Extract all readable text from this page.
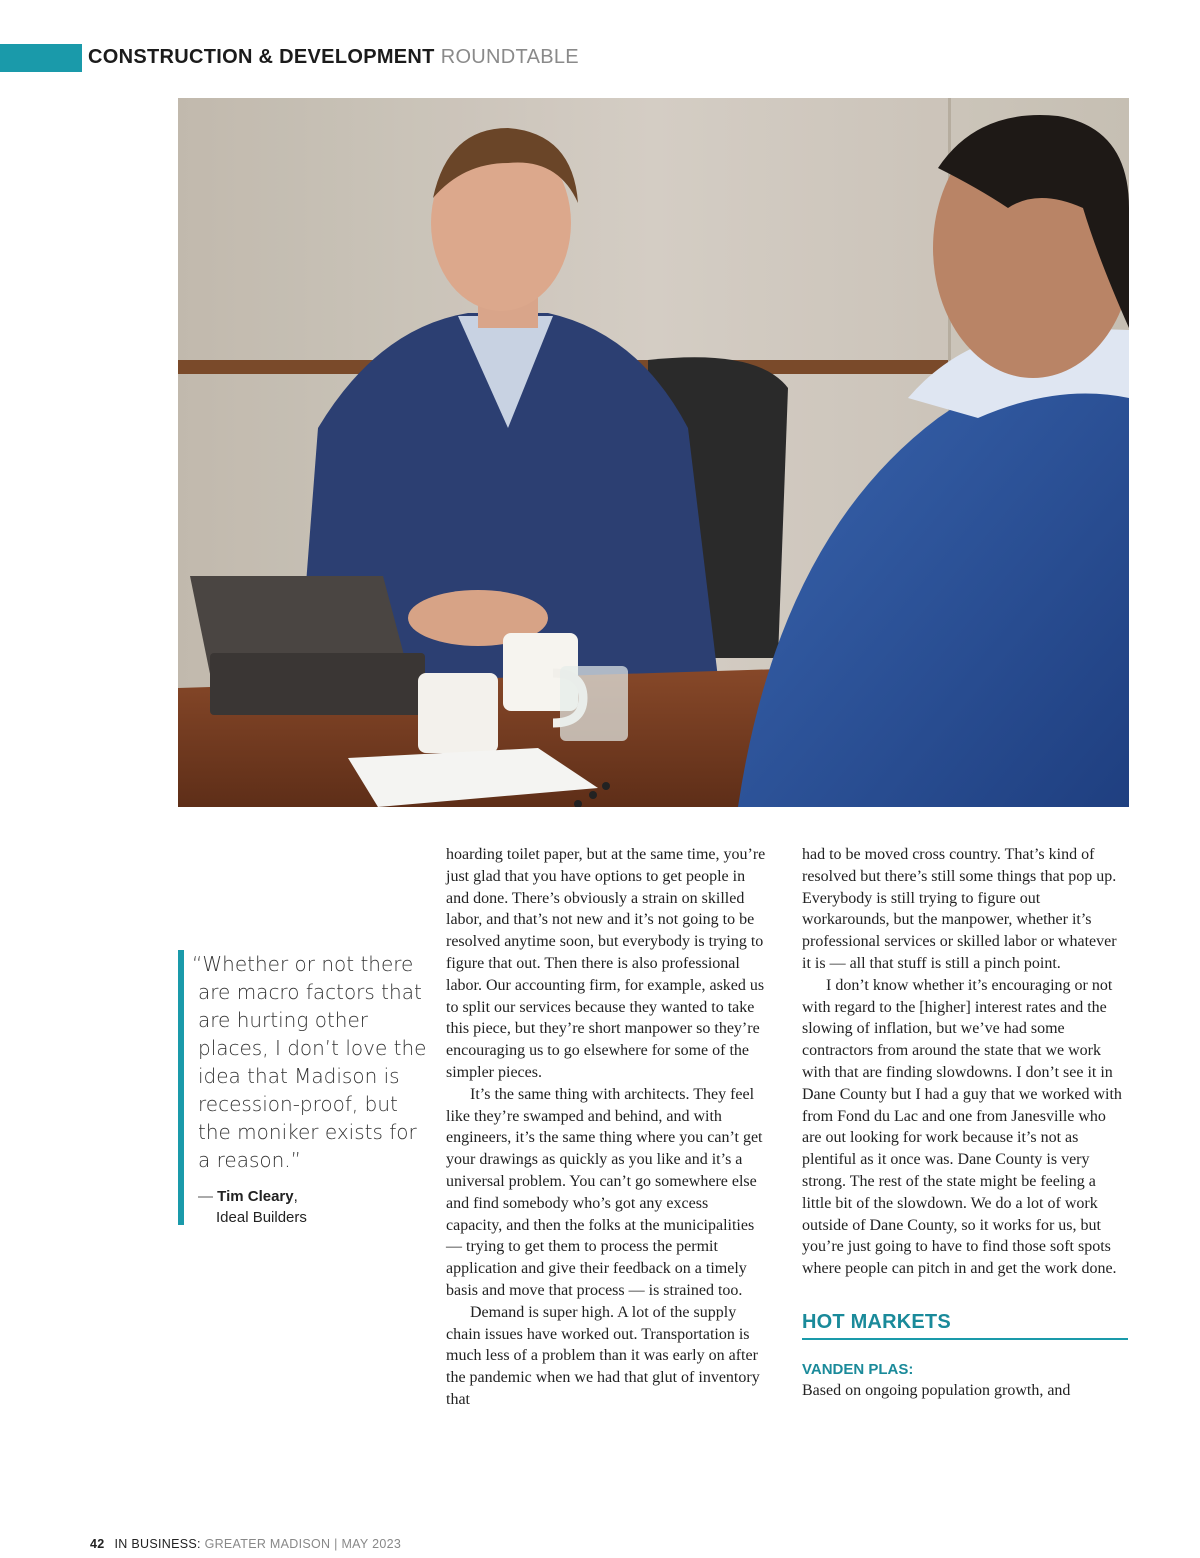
CONSTRUCTION & DEVELOPMENT ROUNDTABLE
“Whether or not there are macro factors that are hurting other places, I don’t love the idea that Madison is recession-proof, but the moniker exists for a reason.”
— Tim Cleary,
Ideal Builders

hoarding toilet paper, but at the same time, you’re just glad that you have options to get people in and done. There’s obviously a strain on skilled labor, and that’s not new and it’s not going to be resolved anytime soon, but everybody is trying to figure that out. Then there is also professional labor. Our accounting firm, for example, asked us to split our services because they wanted to take this piece, but they’re short manpower so they’re encouraging us to go elsewhere for some of the simpler pieces.

It’s the same thing with architects. They feel like they’re swamped and behind, and with engineers, it’s the same thing where you can’t get your drawings as quickly as you like and it’s a universal problem. You can’t go somewhere else and find somebody who’s got any excess capacity, and then the folks at the municipalities — trying to get them to process the permit application and give their feedback on a timely basis and move that process — is strained too.

Demand is super high. A lot of the supply chain issues have worked out. Transportation is much less of a problem than it was early on after the pandemic when we had that glut of inventory that

had to be moved cross country. That’s kind of resolved but there’s still some things that pop up. Everybody is still trying to figure out workarounds, but the manpower, whether it’s professional services or skilled labor or whatever it is — all that stuff is still a pinch point.

I don’t know whether it’s encouraging or not with regard to the [higher] interest rates and the slowing of inflation, but we’ve had some contractors from around the state that we work with that are finding slowdowns. I don’t see it in Dane County but I had a guy that we worked with from Fond du Lac and one from Janesville who are out looking for work because it’s not as plentiful as it once was. Dane County is very strong. The rest of the state might be feeling a little bit of the slowdown. We do a lot of work outside of Dane County, so it works for us, but you’re just going to have to find those soft spots where people can pitch in and get the work done.

HOT MARKETS
VANDEN PLAS:

Based on ongoing population growth, and

42 IN BUSINESS: GREATER MADISON | MAY 2023
